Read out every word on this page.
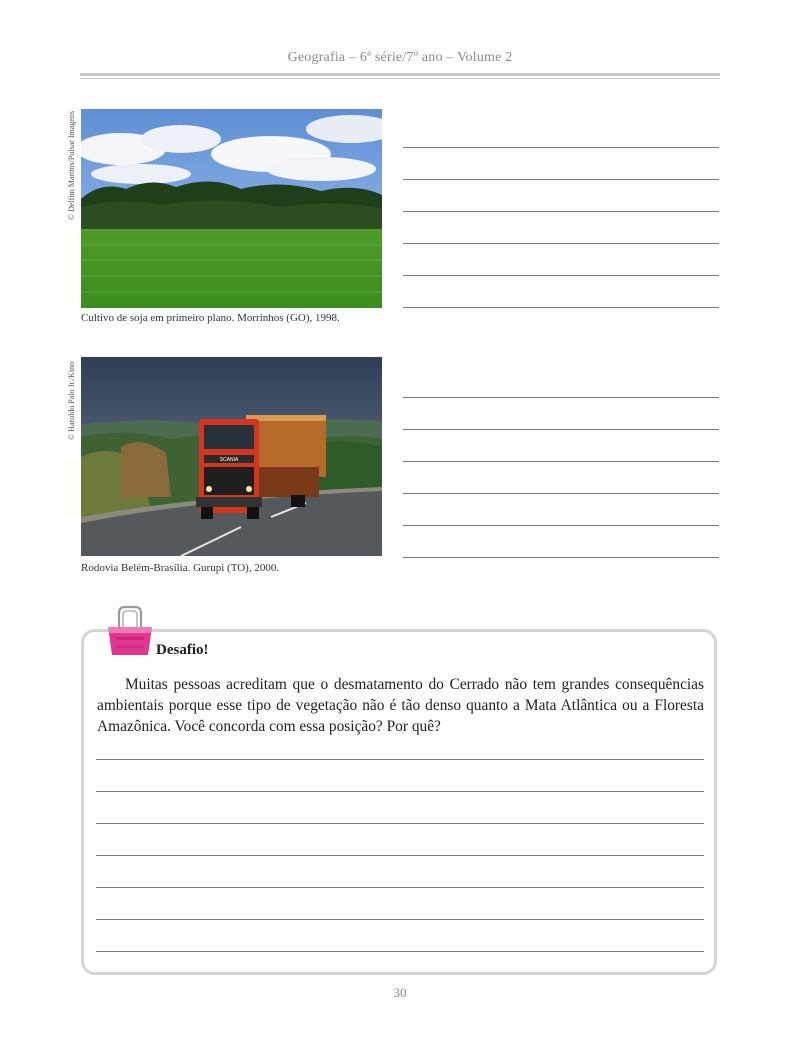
Geografia – 6ª série/7º ano – Volume 2
© Delfim Martins/Pulsar Imagens
Cultivo de soja em primeiro plano. Morrinhos (GO), 1998.
© Haroldo Palo Jr./Kino
SCANIA
Rodovia Belém-Brasília. Gurupi (TO), 2000.
Desafio!
Muitas pessoas acreditam que o desmatamento do Cerrado não tem grandes consequências ambientais porque esse tipo de vegetação não é tão denso quanto a Mata Atlântica ou a Floresta Amazônica. Você concorda com essa posição? Por quê?
30
